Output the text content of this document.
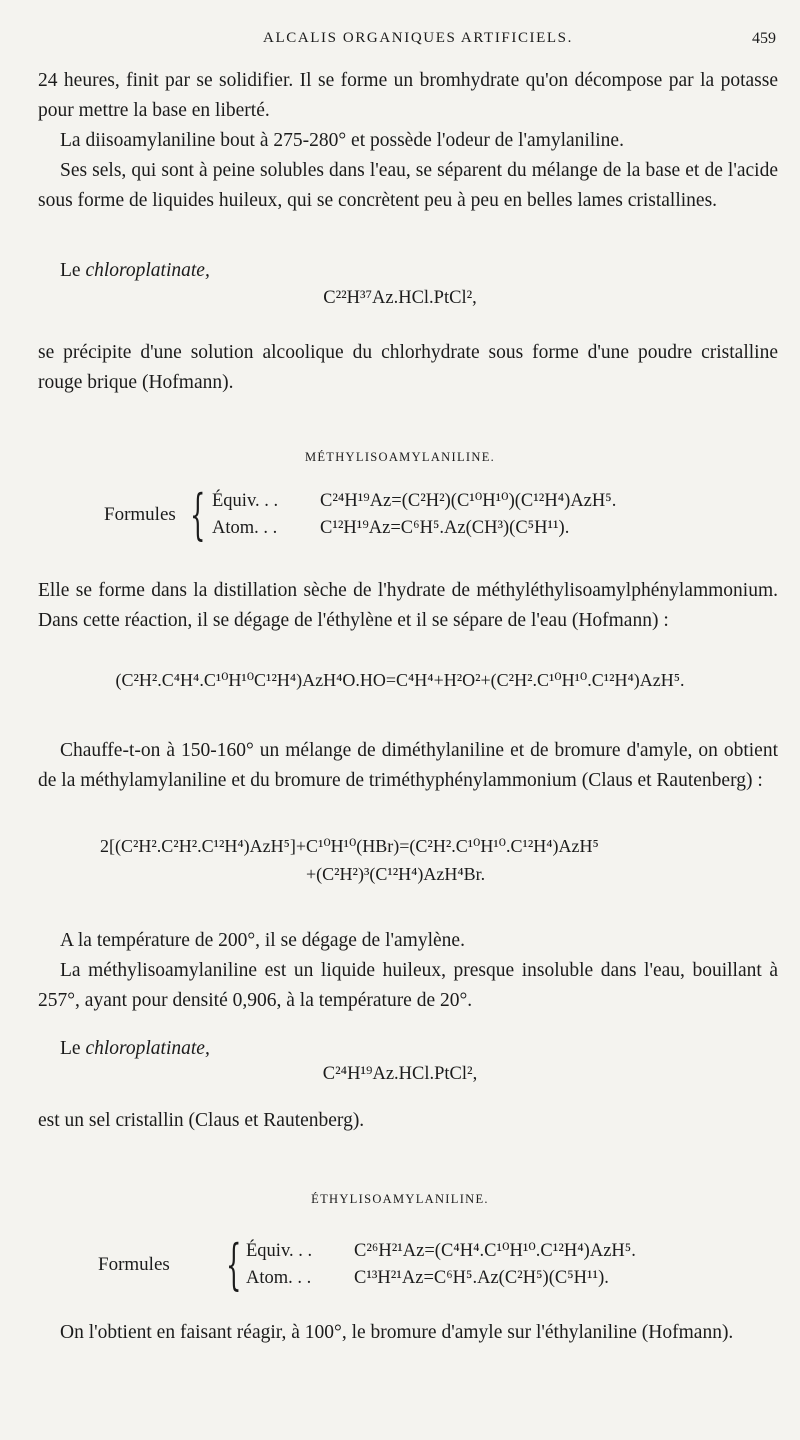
ALCALIS ORGANIQUES ARTIFICIELS.	459

24 heures, finit par se solidifier. Il se forme un bromhydrate qu'on décompose par la potasse pour mettre la base en liberté.

La diisoamylaniline bout à 275-280° et possède l'odeur de l'amylaniline.

Ses sels, qui sont à peine solubles dans l'eau, se séparent du mélange de la base et de l'acide sous forme de liquides huileux, qui se concrètent peu à peu en belles lames cristallines.

Le chloroplatinate,
C²²H³⁷Az.HCl.PtCl²,

se précipite d'une solution alcoolique du chlorhydrate sous forme d'une poudre cristalline rouge brique (Hofmann).

MÉTHYLISOAMYLANILINE.
Formules { Équiv. . . C²⁴H¹⁹Az=(C²H²)(C¹⁰H¹⁰)(C¹²H⁴)AzH⁵.
Atom. . . C¹²H¹⁹Az=C⁶H⁵.Az(CH³)(C⁵H¹¹).

Elle se forme dans la distillation sèche de l'hydrate de méthyléthylisoamylphénylammonium. Dans cette réaction, il se dégage de l'éthylène et il se sépare de l'eau (Hofmann) :

(C²H².C⁴H⁴.C¹⁰H¹⁰C¹²H⁴)AzH⁴O.HO=C⁴H⁴+H²O²+(C²H².C¹⁰H¹⁰.C¹²H⁴)AzH⁵.

Chauffe-t-on à 150-160° un mélange de diméthylaniline et de bromure d'amyle, on obtient de la méthylamylaniline et du bromure de triméthyphénylammonium (Claus et Rautenberg) :

2[(C²H².C²H².C¹²H⁴)AzH⁵]+C¹⁰H¹⁰(HBr)=(C²H².C¹⁰H¹⁰.C¹²H⁴)AzH⁵
+(C²H²)³(C¹²H⁴)AzH⁴Br.

A la température de 200°, il se dégage de l'amylène.

La méthylisoamylaniline est un liquide huileux, presque insoluble dans l'eau, bouillant à 257°, ayant pour densité 0,906, à la température de 20°.

Le chloroplatinate,
C²⁴H¹⁹Az.HCl.PtCl²,

est un sel cristallin (Claus et Rautenberg).

ÉTHYLISOAMYLANILINE.
Formules { Équiv. . . C²⁶H²¹Az=(C⁴H⁴.C¹⁰H¹⁰.C¹²H⁴)AzH⁵.
Atom. . . C¹³H²¹Az=C⁶H⁵.Az(C²H⁵)(C⁵H¹¹).

On l'obtient en faisant réagir, à 100°, le bromure d'amyle sur l'éthylaniline (Hofmann).
